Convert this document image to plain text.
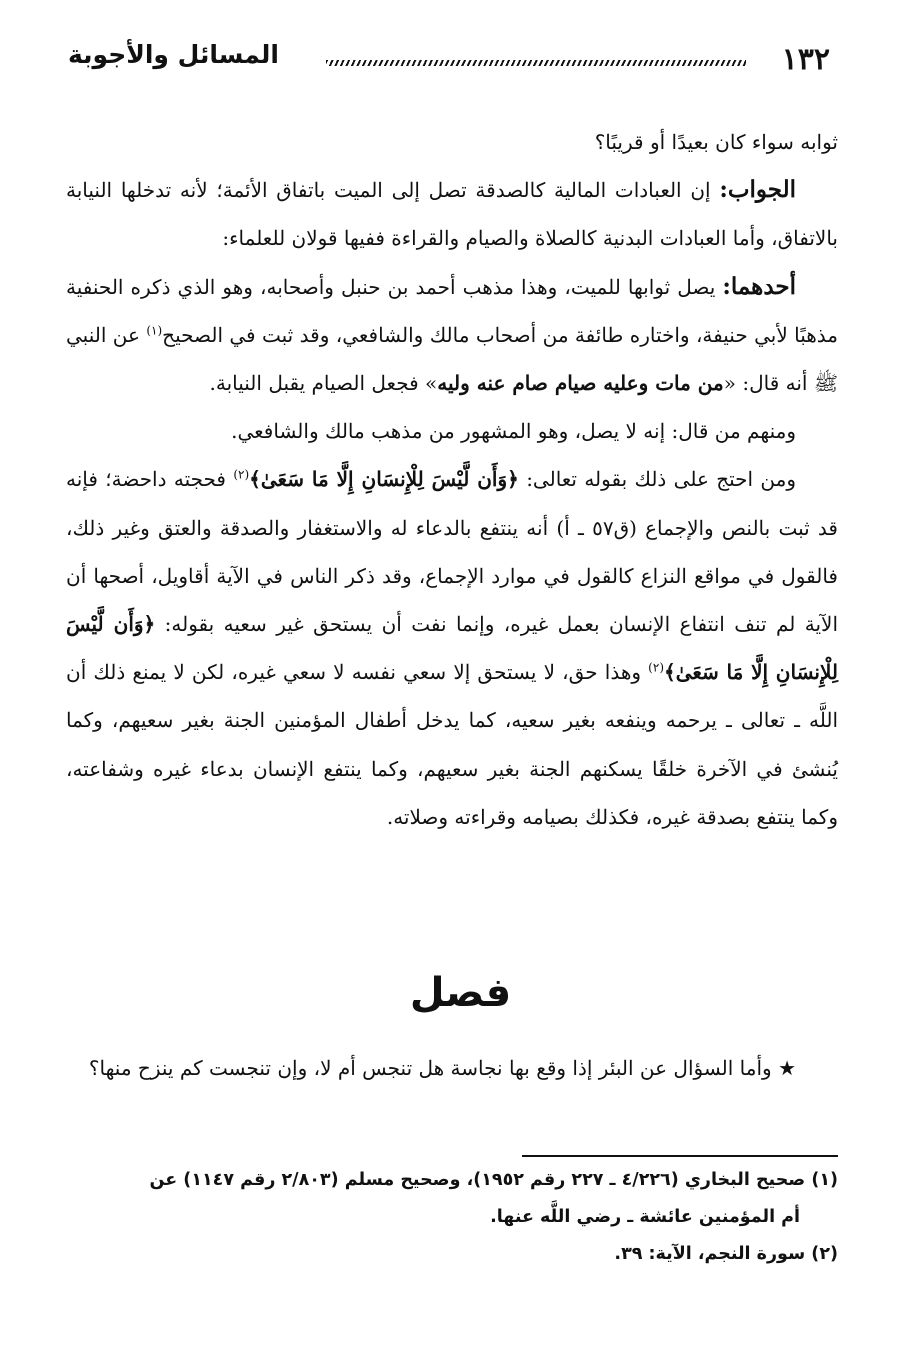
١٣٢
المسائل والأجوبة

ثوابه سواء كان بعيدًا أو قريبًا؟

الجواب: إن العبادات المالية كالصدقة تصل إلى الميت باتفاق الأئمة؛ لأنه تدخلها النيابة بالاتفاق، وأما العبادات البدنية كالصلاة والصيام والقراءة ففيها قولان للعلماء:

أحدهما: يصل ثوابها للميت، وهذا مذهب أحمد بن حنبل وأصحابه، وهو الذي ذكره الحنفية مذهبًا لأبي حنيفة، واختاره طائفة من أصحاب مالك والشافعي، وقد ثبت في الصحيح$^{(١)}$ عن النبي ﷺ أنه قال: «من مات وعليه صيام صام عنه وليه» فجعل الصيام يقبل النيابة.

ومنهم من قال: إنه لا يصل، وهو المشهور من مذهب مالك والشافعي.

ومن احتج على ذلك بقوله تعالى: ﴿وَأَن لَّيْسَ لِلْإِنسَانِ إِلَّا مَا سَعَىٰ﴾$^{(٢)}$ فحجته داحضة؛ فإنه قد ثبت بالنص والإجماع (ق٥٧ ـ أ) أنه ينتفع بالدعاء له والاستغفار والصدقة والعتق وغير ذلك، فالقول في مواقع النزاع كالقول في موارد الإجماع، وقد ذكر الناس في الآية أقاويل، أصحها أن الآية لم تنف انتفاع الإنسان بعمل غيره، وإنما نفت أن يستحق غير سعيه بقوله: ﴿وَأَن لَّيْسَ لِلْإِنسَانِ إِلَّا مَا سَعَىٰ﴾$^{(٢)}$ وهذا حق، لا يستحق إلا سعي نفسه لا سعي غيره، لكن لا يمنع ذلك أن اللَّه ـ تعالى ـ يرحمه وينفعه بغير سعيه، كما يدخل أطفال المؤمنين الجنة بغير سعيهم، وكما يُنشئ في الآخرة خلقًا يسكنهم الجنة بغير سعيهم، وكما ينتفع الإنسان بدعاء غيره وشفاعته، وكما ينتفع بصدقة غيره، فكذلك بصيامه وقراءته وصلاته.

فصل

★ وأما السؤال عن البئر إذا وقع بها نجاسة هل تنجس أم لا، وإن تنجست كم ينزح منها؟

(١) صحيح البخاري (٤/٢٢٦ ـ ٢٢٧ رقم ١٩٥٢)، وصحيح مسلم (٢/٨٠٣ رقم ١١٤٧) عن

أم المؤمنين عائشة ـ رضي اللَّه عنها.

(٢) سورة النجم، الآية: ٣٩.
